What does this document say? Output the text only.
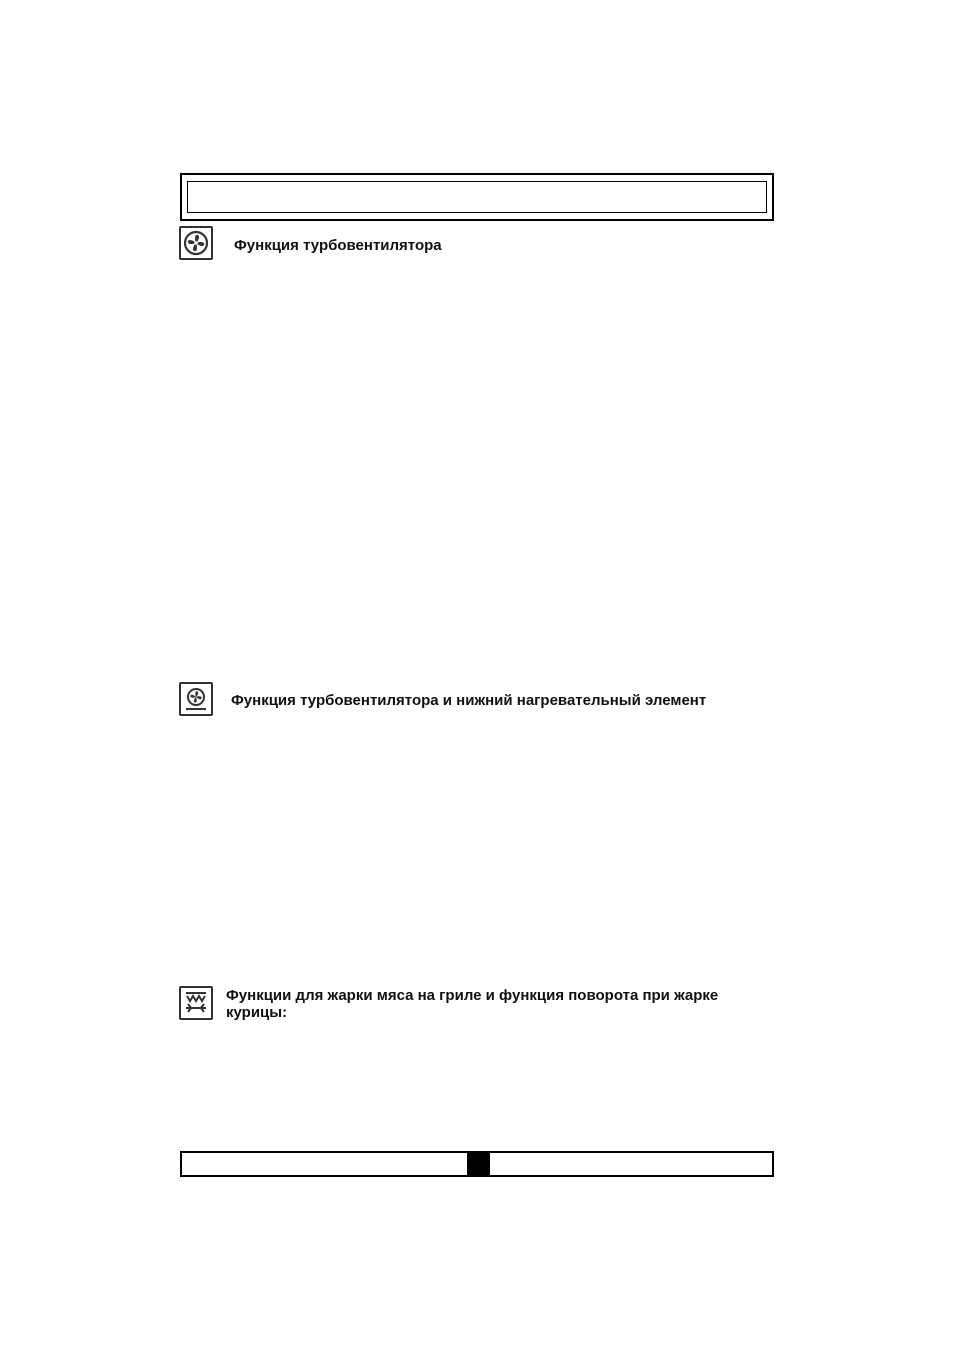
Функция турбовентилятора
Функция турбовентилятора и нижний нагревательный элемент
Функции для жарки мяса на гриле и функция поворота при жарке
курицы:
